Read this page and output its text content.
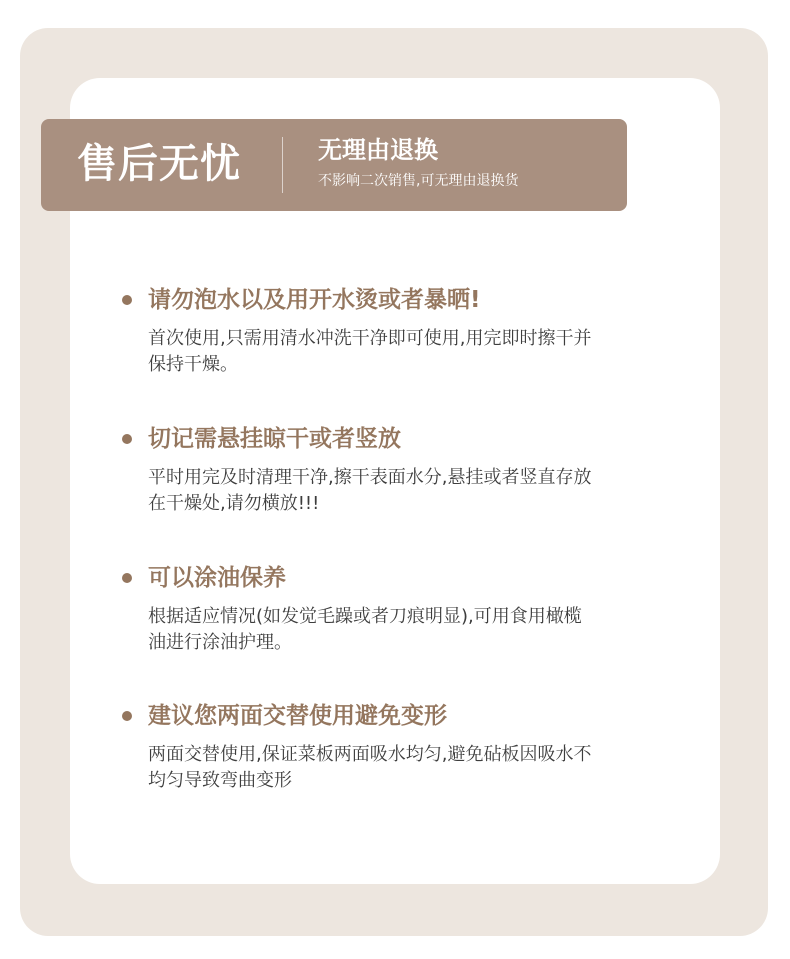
售后无忧	无理由退换
不影响二次销售,可无理由退换货
请勿泡水以及用开水烫或者暴晒!
首次使用,只需用清水冲洗干净即可使用,用完即时擦干并
保持干燥。
切记需悬挂晾干或者竖放
平时用完及时清理干净,擦干表面水分,悬挂或者竖直存放
在干燥处,请勿横放!!!
可以涂油保养
根据适应情况(如发觉毛躁或者刀痕明显),可用食用橄榄
油进行涂油护理。
建议您两面交替使用避免变形
两面交替使用,保证菜板两面吸水均匀,避免砧板因吸水不
均匀导致弯曲变形
